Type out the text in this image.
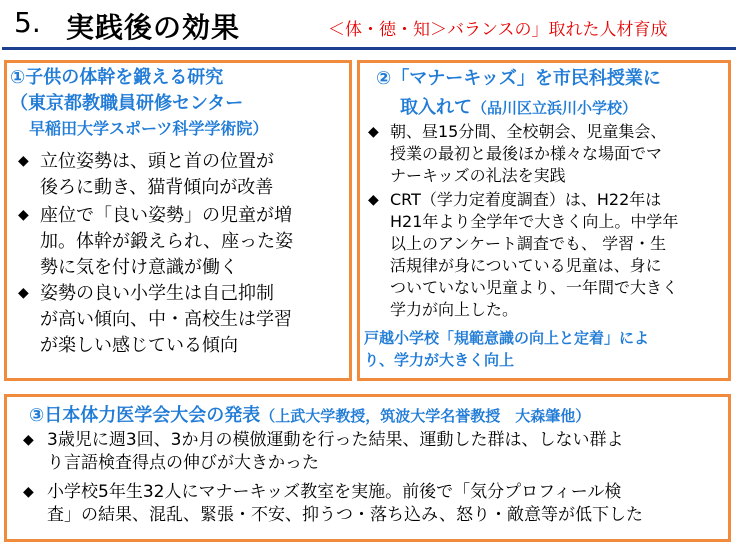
5. 実践後の効果	＜体・徳・知＞バランスの」取れた人材育成
①子供の体幹を鍛える研究
（東京都教職員研修センター
早稲田大学スポーツ科学学術院）
◆ 立位姿勢は、頭と首の位置が
後ろに動き、猫背傾向が改善
◆ 座位で「良い姿勢」の児童が増
加。体幹が鍛えられ、座った姿
勢に気を付け意識が働く
◆ 姿勢の良い小学生は自己抑制
が高い傾向、中・高校生は学習
が楽しい感じている傾向
②「マナーキッズ」を市民科授業に
取入れて（品川区立浜川小学校）
◆ 朝、昼15分間、全校朝会、児童集会、
授業の最初と最後ほか様々な場面でマ
ナーキッズの礼法を実践
◆ CRT（学力定着度調査）は、H22年は
H21年より全学年で大きく向上。中学年
以上のアンケート調査でも、 学習・生
活規律が身についている児童は、身に
ついていない児童より、一年間で大きく
学力が向上した。
戸越小学校「規範意識の向上と定着」によ
り、学力が大きく向上
③日本体力医学会大会の発表（上武大学教授，筑波大学名誉教授　大森肇他）
◆ 3歳児に週3回、3か月の模倣運動を行った結果、運動した群は、しない群よ
り言語検査得点の伸びが大きかった
◆ 小学校5年生32人にマナーキッズ教室を実施。前後で「気分プロフィール検
査」の結果、混乱、緊張・不安、抑うつ・落ち込み、怒り・敵意等が低下した
